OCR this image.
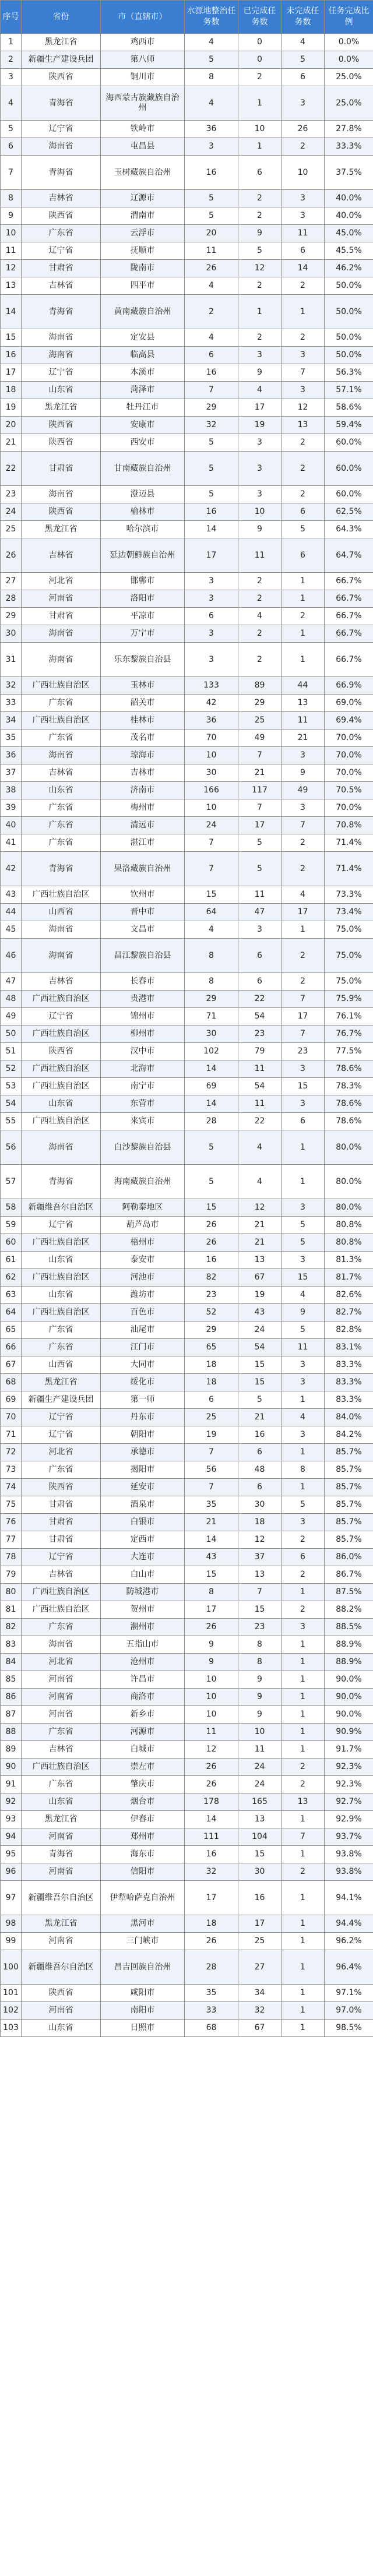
序号	省份	市（直辖市）	水源地整治任务数	已完成任务数	未完成任务数	任务完成比例
1	黑龙江省	鸡西市	4	0	4	0.0%
2	新疆生产建设兵团	第八师	5	0	5	0.0%
3	陕西省	铜川市	8	2	6	25.0%
4	青海省	海西蒙古族藏族自治州	4	1	3	25.0%
5	辽宁省	铁岭市	36	10	26	27.8%
6	海南省	屯昌县	3	1	2	33.3%
7	青海省	玉树藏族自治州	16	6	10	37.5%
8	吉林省	辽源市	5	2	3	40.0%
9	陕西省	渭南市	5	2	3	40.0%
10	广东省	云浮市	20	9	11	45.0%
11	辽宁省	抚顺市	11	5	6	45.5%
12	甘肃省	陇南市	26	12	14	46.2%
13	吉林省	四平市	4	2	2	50.0%
14	青海省	黄南藏族自治州	2	1	1	50.0%
15	海南省	定安县	4	2	2	50.0%
16	海南省	临高县	6	3	3	50.0%
17	辽宁省	本溪市	16	9	7	56.3%
18	山东省	菏泽市	7	4	3	57.1%
19	黑龙江省	牡丹江市	29	17	12	58.6%
20	陕西省	安康市	32	19	13	59.4%
21	陕西省	西安市	5	3	2	60.0%
22	甘肃省	甘南藏族自治州	5	3	2	60.0%
23	海南省	澄迈县	5	3	2	60.0%
24	陕西省	榆林市	16	10	6	62.5%
25	黑龙江省	哈尔滨市	14	9	5	64.3%
26	吉林省	延边朝鲜族自治州	17	11	6	64.7%
27	河北省	邯郸市	3	2	1	66.7%
28	河南省	洛阳市	3	2	1	66.7%
29	甘肃省	平凉市	6	4	2	66.7%
30	海南省	万宁市	3	2	1	66.7%
31	海南省	乐东黎族自治县	3	2	1	66.7%
32	广西壮族自治区	玉林市	133	89	44	66.9%
33	广东省	韶关市	42	29	13	69.0%
34	广西壮族自治区	桂林市	36	25	11	69.4%
35	广东省	茂名市	70	49	21	70.0%
36	海南省	琼海市	10	7	3	70.0%
37	吉林省	吉林市	30	21	9	70.0%
38	山东省	济南市	166	117	49	70.5%
39	广东省	梅州市	10	7	3	70.0%
40	广东省	清远市	24	17	7	70.8%
41	广东省	湛江市	7	5	2	71.4%
42	青海省	果洛藏族自治州	7	5	2	71.4%
43	广西壮族自治区	钦州市	15	11	4	73.3%
44	山西省	晋中市	64	47	17	73.4%
45	海南省	文昌市	4	3	1	75.0%
46	海南省	昌江黎族自治县	8	6	2	75.0%
47	吉林省	长春市	8	6	2	75.0%
48	广西壮族自治区	贵港市	29	22	7	75.9%
49	辽宁省	锦州市	71	54	17	76.1%
50	广西壮族自治区	柳州市	30	23	7	76.7%
51	陕西省	汉中市	102	79	23	77.5%
52	广西壮族自治区	北海市	14	11	3	78.6%
53	广西壮族自治区	南宁市	69	54	15	78.3%
54	山东省	东营市	14	11	3	78.6%
55	广西壮族自治区	来宾市	28	22	6	78.6%
56	海南省	白沙黎族自治县	5	4	1	80.0%
57	青海省	海南藏族自治州	5	4	1	80.0%
58	新疆维吾尔自治区	阿勒泰地区	15	12	3	80.0%
59	辽宁省	葫芦岛市	26	21	5	80.8%
60	广西壮族自治区	梧州市	26	21	5	80.8%
61	山东省	泰安市	16	13	3	81.3%
62	广西壮族自治区	河池市	82	67	15	81.7%
63	山东省	潍坊市	23	19	4	82.6%
64	广西壮族自治区	百色市	52	43	9	82.7%
65	广东省	汕尾市	29	24	5	82.8%
66	广东省	江门市	65	54	11	83.1%
67	山西省	大同市	18	15	3	83.3%
68	黑龙江省	绥化市	18	15	3	83.3%
69	新疆生产建设兵团	第一师	6	5	1	83.3%
70	辽宁省	丹东市	25	21	4	84.0%
71	辽宁省	朝阳市	19	16	3	84.2%
72	河北省	承德市	7	6	1	85.7%
73	广东省	揭阳市	56	48	8	85.7%
74	陕西省	延安市	7	6	1	85.7%
75	甘肃省	酒泉市	35	30	5	85.7%
76	甘肃省	白银市	21	18	3	85.7%
77	甘肃省	定西市	14	12	2	85.7%
78	辽宁省	大连市	43	37	6	86.0%
79	吉林省	白山市	15	13	2	86.7%
80	广西壮族自治区	防城港市	8	7	1	87.5%
81	广西壮族自治区	贺州市	17	15	2	88.2%
82	广东省	潮州市	26	23	3	88.5%
83	海南省	五指山市	9	8	1	88.9%
84	河北省	沧州市	9	8	1	88.9%
85	河南省	许昌市	10	9	1	90.0%
86	河南省	商洛市	10	9	1	90.0%
87	河南省	新乡市	10	9	1	90.0%
88	广东省	河源市	11	10	1	90.9%
89	吉林省	白城市	12	11	1	91.7%
90	广西壮族自治区	崇左市	26	24	2	92.3%
91	广东省	肇庆市	26	24	2	92.3%
92	山东省	烟台市	178	165	13	92.7%
93	黑龙江省	伊春市	14	13	1	92.9%
94	河南省	郑州市	111	104	7	93.7%
95	青海省	海东市	16	15	1	93.8%
96	河南省	信阳市	32	30	2	93.8%
97	新疆维吾尔自治区	伊犁哈萨克自治州	17	16	1	94.1%
98	黑龙江省	黑河市	18	17	1	94.4%
99	河南省	三门峡市	26	25	1	96.2%
100	新疆维吾尔自治区	昌吉回族自治州	28	27	1	96.4%
101	陕西省	咸阳市	35	34	1	97.1%
102	河南省	南阳市	33	32	1	97.0%
103	山东省	日照市	68	67	1	98.5%
